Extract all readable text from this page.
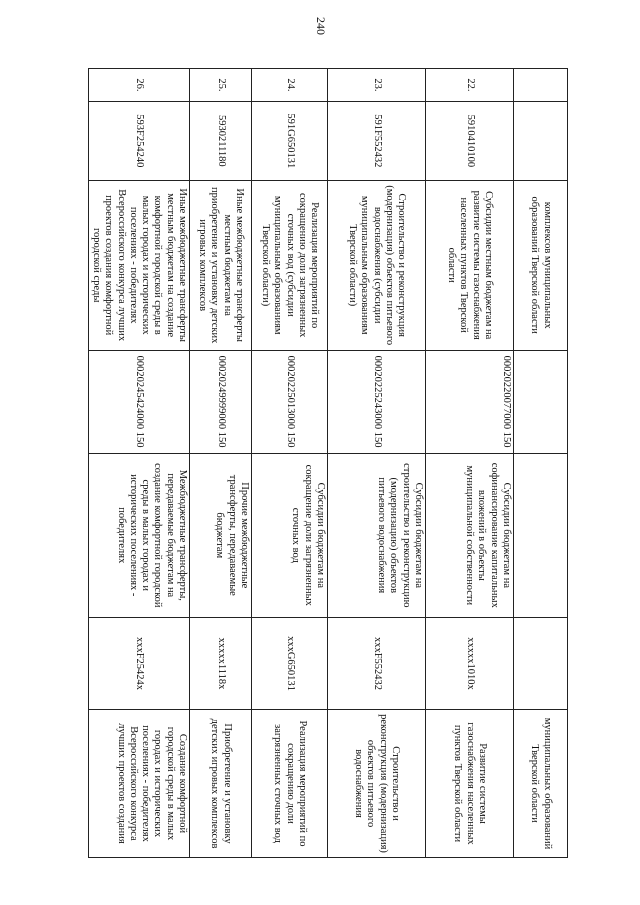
240
		комплексов муниципальных образований Тверской области				муниципальных образований Тверской области
22.	5910410100	Субсидии местным бюджетам на развитие системы газоснабжения населенных пунктов Тверской области	00020220077000 150	Субсидии бюджетам на софинансирование капитальных вложений в объекты муниципальной собственности	xxxxx1010x	Развитие системы газоснабжения населенных пунктов Тверской области
23.	591F552432	Строительство и реконструкция (модернизация) объектов питьевого водоснабжения (субсидии муниципальным образованиям Тверской области)	00020225243000 150	Субсидии бюджетам на строительство и реконструкцию (модернизацию) объектов питьевого водоснабжения	xxxF552432	Строительство и реконструкция (модернизация) объектов питьевого водоснабжения
24.	591G650131	Реализация мероприятий по сокращению доли загрязненных сточных вод (субсидии муниципальным образованиям Тверской области)	00020225013000 150	Субсидии бюджетам на сокращение доли загрязненных сточных вод	xxxG650131	Реализация мероприятий по сокращению доли загрязненных сточных вод
25.	5930211180	Иные межбюджетные трансферты местным бюджетам на приобретение и установку детских игровых комплексов	00020249999000 150	Прочие межбюджетные трансферты, передаваемые бюджетам	xxxxx1118x	Приобретение и установку детских игровых комплексов
26.	593F254240	Иные межбюджетные трансферты местным бюджетам на создание комфортной городской среды в малых городах и исторических поселениях - победителях Всероссийского конкурса лучших проектов создания комфортной городской среды	00020245424000 150	Межбюджетные трансферты, передаваемые бюджетам на создание комфортной городской среды в малых городах и исторических поселениях - победителях	xxxF25424x	Создание комфортной городской среды в малых городах и исторических поселениях - победителях Всероссийского конкурса лучших проектов создания
